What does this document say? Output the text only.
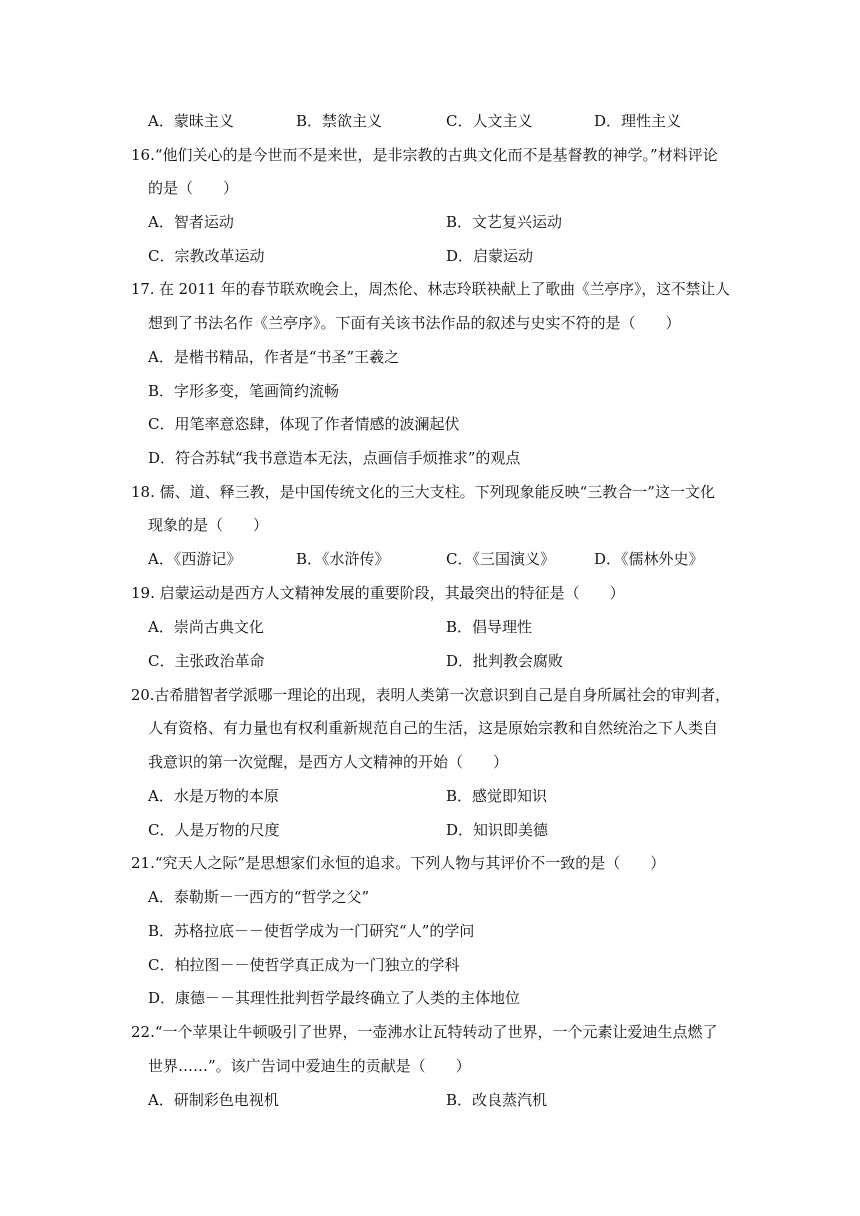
A．蒙昧主义	B．禁欲主义	C．人文主义	D．理性主义
16.“他们关心的是今世而不是来世，是非宗教的古典文化而不是基督教的神学。”材料评论
的是（　　）
A．智者运动	B．文艺复兴运动
C．宗教改革运动	D．启蒙运动
17. 在 2011 年的春节联欢晚会上，周杰伦、林志玲联袂献上了歌曲《兰亭序》，这不禁让人
想到了书法名作《兰亭序》。下面有关该书法作品的叙述与史实不符的是（　　）
A．是楷书精品，作者是“书圣”王羲之
B．字形多变，笔画简约流畅
C．用笔率意恣肆，体现了作者情感的波澜起伏
D．符合苏轼“我书意造本无法，点画信手烦推求”的观点
18. 儒、道、释三教，是中国传统文化的三大支柱。下列现象能反映“三教合一”这一文化
现象的是（　　）
A．《西游记》	B．《水浒传》	C．《三国演义》	D．《儒林外史》
19. 启蒙运动是西方人文精神发展的重要阶段，其最突出的特征是（　　）
A．崇尚古典文化	B．倡导理性
C．主张政治革命	D．批判教会腐败
20.古希腊智者学派哪一理论的出现，表明人类第一次意识到自己是自身所属社会的审判者，
人有资格、有力量也有权利重新规范自己的生活，这是原始宗教和自然统治之下人类自
我意识的第一次觉醒，是西方人文精神的开始（　　）
A．水是万物的本原	B．感觉即知识
C．人是万物的尺度	D．知识即美德
21.“究天人之际”是思想家们永恒的追求。下列人物与其评价不一致的是（　　）
A．泰勒斯－一西方的“哲学之父”
B．苏格拉底－－使哲学成为一门研究“人”的学问
C．柏拉图－－使哲学真正成为一门独立的学科
D．康德－－其理性批判哲学最终确立了人类的主体地位
22.“一个苹果让牛顿吸引了世界，一壶沸水让瓦特转动了世界，一个元素让爱迪生点燃了
世界……”。该广告词中爱迪生的贡献是（　　）
A．研制彩色电视机	B．改良蒸汽机
